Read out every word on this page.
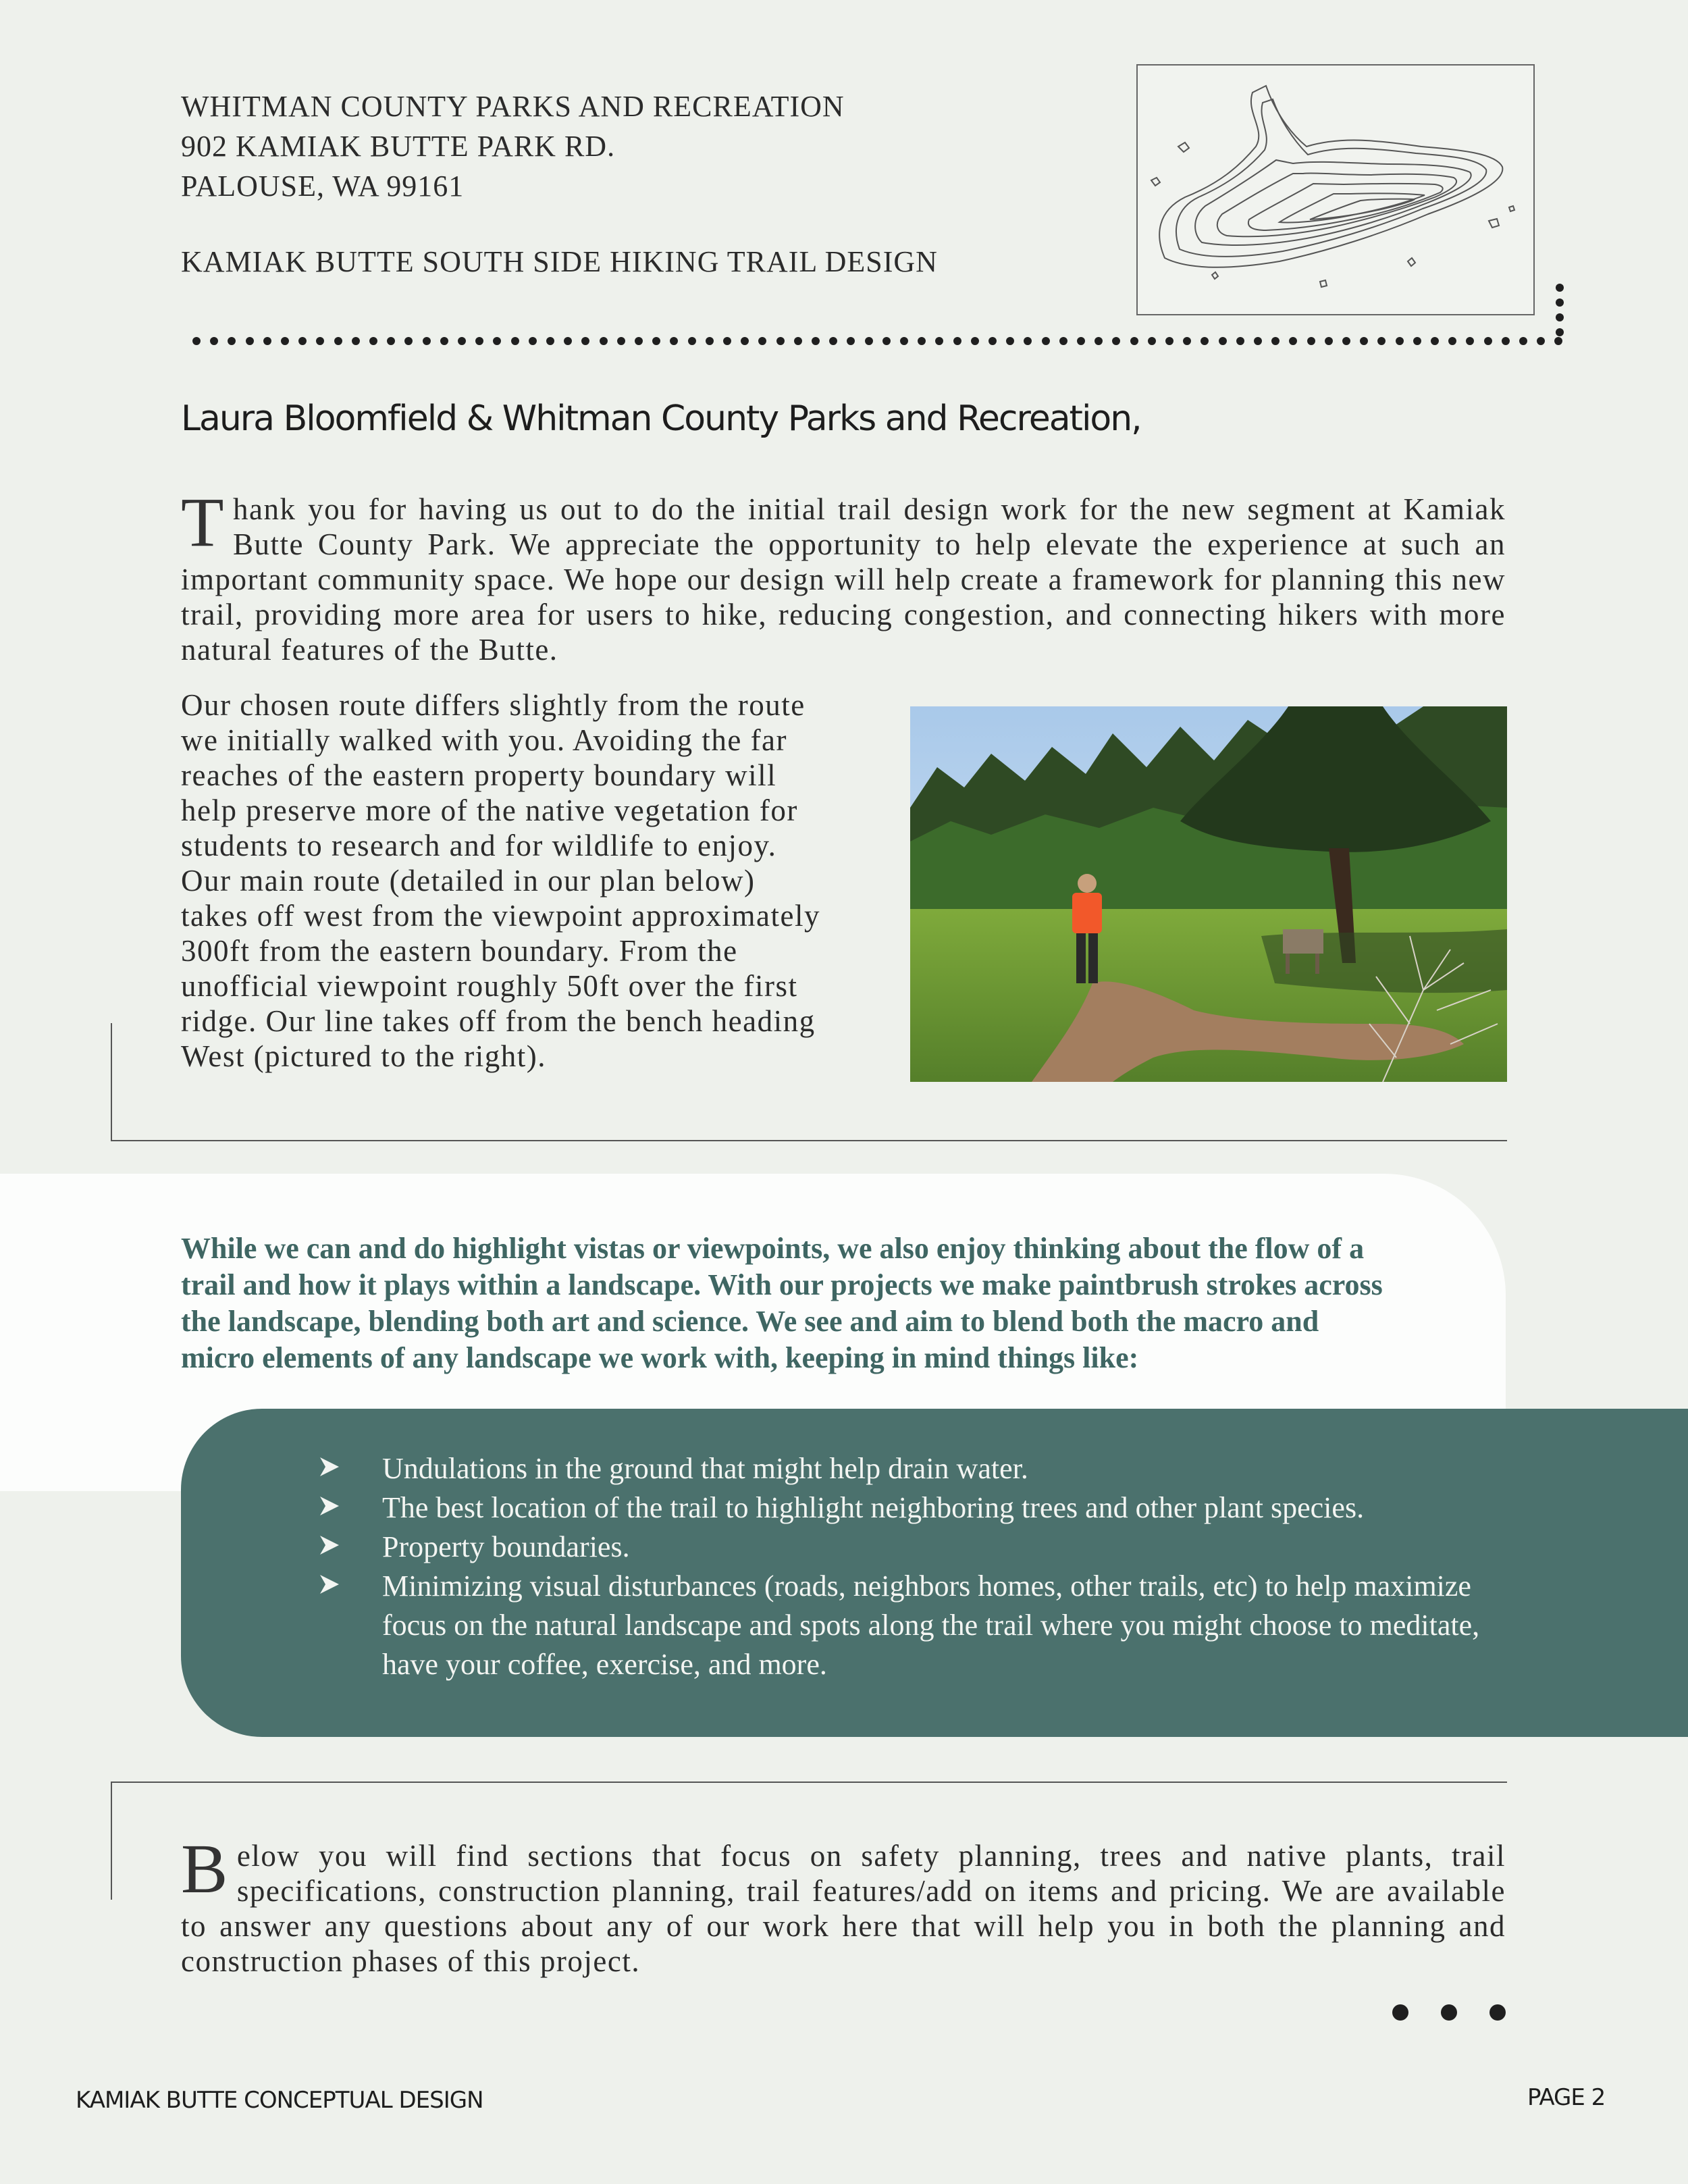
WHITMAN COUNTY PARKS AND RECREATION
902 KAMIAK BUTTE PARK RD.
PALOUSE, WA 99161
KAMIAK BUTTE SOUTH SIDE HIKING TRAIL DESIGN
Laura Bloomfield & Whitman County Parks and Recreation,
Thank you for having us out to do the initial trail design work for the new segment at Kamiak Butte County Park. We appreciate the opportunity to help elevate the experience at such an important community space. We hope our design will help create a framework for planning this new trail, providing more area for users to hike, reducing congestion, and connecting hikers with more natural features of the Butte.
Our chosen route differs slightly from the route we initially walked with you. Avoiding the far reaches of the eastern property boundary will help preserve more of the native vegetation for students to research and for wildlife to enjoy. Our main route (detailed in our plan below) takes off west from the viewpoint approximately 300ft from the eastern boundary. From the unofficial viewpoint roughly 50ft over the first ridge. Our line takes off from the bench heading West (pictured to the right).
While we can and do highlight vistas or viewpoints, we also enjoy thinking about the flow of a trail and how it plays within a landscape. With our projects we make paintbrush strokes across the landscape, blending both art and science. We see and aim to blend both the macro and micro elements of any landscape we work with, keeping in mind things like:
Undulations in the ground that might help drain water.
The best location of the trail to highlight neighboring trees and other plant species.
Property boundaries.
Minimizing visual disturbances (roads, neighbors homes, other trails, etc) to help maximize focus on the natural landscape and spots along the trail where you might choose to meditate, have your coffee, exercise, and more.
Below you will find sections that focus on safety planning, trees and native plants, trail specifications, construction planning, trail features/add on items and pricing. We are available to answer any questions about any of our work here that will help you in both the planning and construction phases of this project.
KAMIAK BUTTE CONCEPTUAL DESIGN	PAGE 2
